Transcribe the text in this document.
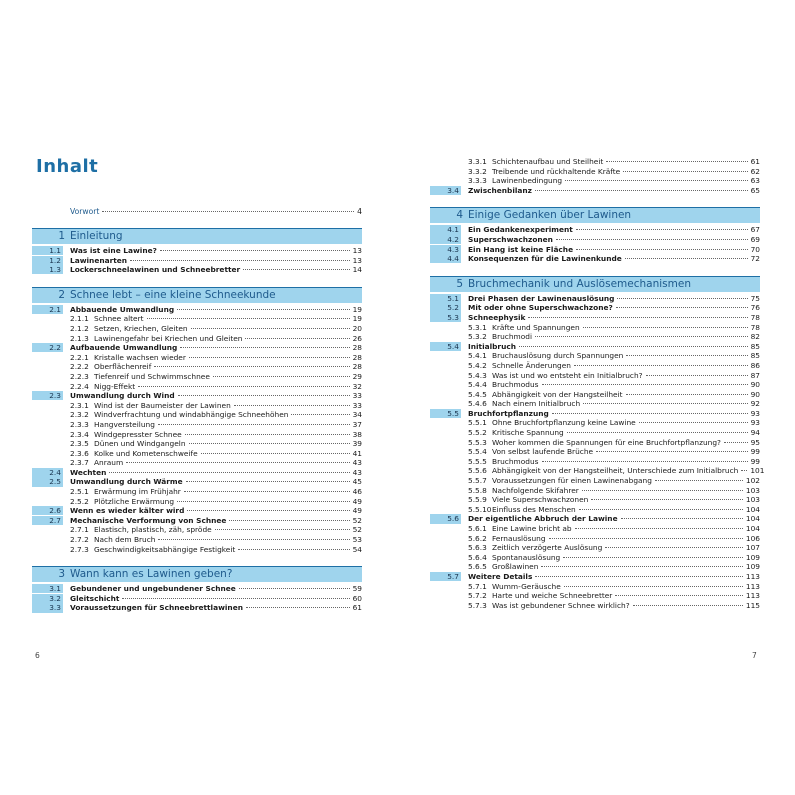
Inhalt
Vorwort	4
1 Einleitung
1.1 Was ist eine Lawine?	13
1.2 Lawinenarten	13
1.3 Lockerschneelawinen und Schneebretter	14
2 Schnee lebt – eine kleine Schneekunde
2.1 Abbauende Umwandlung	19
2.1.1 Schnee altert	19
2.1.2 Setzen, Kriechen, Gleiten	20
2.1.3 Lawinengefahr bei Kriechen und Gleiten	26
2.2 Aufbauende Umwandlung	28
2.2.1 Kristalle wachsen wieder	28
2.2.2 Oberflächenreif	28
2.2.3 Tiefenreif und Schwimmschnee	29
2.2.4 Nigg-Effekt	32
2.3 Umwandlung durch Wind	33
2.3.1 Wind ist der Baumeister der Lawinen	33
2.3.2 Windverfrachtung und windabhängige Schneehöhen	34
2.3.3 Hangversteilung	37
2.3.4 Windgepresster Schnee	38
2.3.5 Dünen und Windgangeln	39
2.3.6 Kolke und Kometenschweife	41
2.3.7 Anraum	43
2.4 Wechten	43
2.5 Umwandlung durch Wärme	45
2.5.1 Erwärmung im Frühjahr	46
2.5.2 Plötzliche Erwärmung	49
2.6 Wenn es wieder kälter wird	49
2.7 Mechanische Verformung von Schnee	52
2.7.1 Elastisch, plastisch, zäh, spröde	52
2.7.2 Nach dem Bruch	53
2.7.3 Geschwindigkeitsabhängige Festigkeit	54
3 Wann kann es Lawinen geben?
3.1 Gebundener und ungebundener Schnee	59
3.2 Gleitschicht	60
3.3 Voraussetzungen für Schneebrettlawinen	61
3.3.1 Schichtenaufbau und Steilheit	61
3.3.2 Treibende und rückhaltende Kräfte	62
3.3.3 Lawinenbedingung	63
3.4 Zwischenbilanz	65
4 Einige Gedanken über Lawinen
4.1 Ein Gedankenexperiment	67
4.2 Superschwachzonen	69
4.3 Ein Hang ist keine Fläche	70
4.4 Konsequenzen für die Lawinenkunde	72
5 Bruchmechanik und Auslösemechanismen
5.1 Drei Phasen der Lawinenauslösung	75
5.2 Mit oder ohne Superschwachzone?	76
5.3 Schneephysik	78
5.3.1 Kräfte und Spannungen	78
5.3.2 Bruchmodi	82
5.4 Initialbruch	85
5.4.1 Bruchauslösung durch Spannungen	85
5.4.2 Schnelle Änderungen	86
5.4.3 Was ist und wo entsteht ein Initialbruch?	87
5.4.4 Bruchmodus	90
5.4.5 Abhängigkeit von der Hangsteilheit	90
5.4.6 Nach einem Initialbruch	92
5.5 Bruchfortpflanzung	93
5.5.1 Ohne Bruchfortpflanzung keine Lawine	93
5.5.2 Kritische Spannung	94
5.5.3 Woher kommen die Spannungen für eine Bruchfortpflanzung?	95
5.5.4 Von selbst laufende Brüche	99
5.5.5 Bruchmodus	99
5.5.6 Abhängigkeit von der Hangsteilheit, Unterschiede zum Initialbruch 101
5.5.7 Voraussetzungen für einen Lawinenabgang	102
5.5.8 Nachfolgende Skifahrer	103
5.5.9 Viele Superschwachzonen	103
5.5.10Einfluss des Menschen	104
5.6 Der eigentliche Abbruch der Lawine	104
5.6.1 Eine Lawine bricht ab	104
5.6.2 Fernauslösung	106
5.6.3 Zeitlich verzögerte Auslösung	107
5.6.4 Spontanauslösung	109
5.6.5 Großlawinen	109
5.7 Weitere Details	113
5.7.1 Wumm-Geräusche	113
5.7.2 Harte und weiche Schneebretter	113
5.7.3 Was ist gebundener Schnee wirklich?	115
6	7
